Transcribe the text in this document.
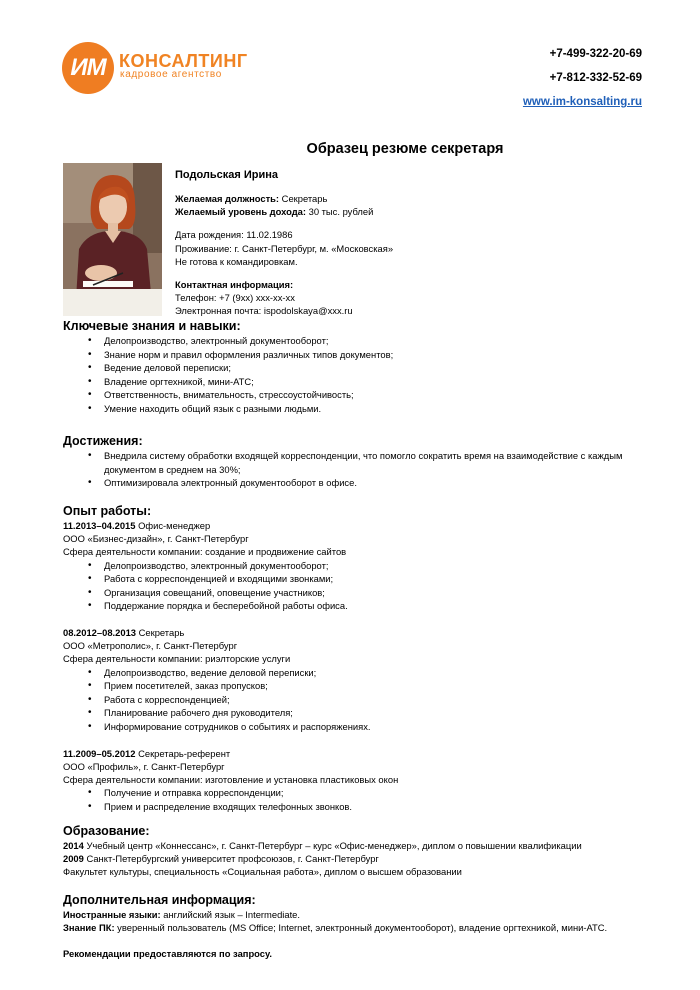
ИМ КОНСАЛТИНГ
кадровое агентство
+7-499-322-20-69
+7-812-332-52-69
www.im-konsalting.ru
Образец резюме секретаря
Подольская Ирина
Желаемая должность: Секретарь
Желаемый уровень дохода: 30 тыс. рублей
Дата рождения: 11.02.1986
Проживание: г. Санкт-Петербург, м. «Московская»
Не готова к командировкам.
Контактная информация:
Телефон: +7 (9хх) ххх-хх-хх
Электронная почта: ispodolskaya@xxx.ru
Ключевые знания и навыки:
• Делопроизводство, электронный документооборот;
• Знание норм и правил оформления различных типов документов;
• Ведение деловой переписки;
• Владение оргтехникой, мини-АТС;
• Ответственность, внимательность, стрессоустойчивость;
• Умение находить общий язык с разными людьми.
Достижения:
• Внедрила систему обработки входящей корреспонденции, что помогло сократить время на взаимодействие с каждым документом в среднем на 30%;
• Оптимизировала электронный документооборот в офисе.
Опыт работы:
11.2013–04.2015 Офис-менеджер
ООО «Бизнес-дизайн», г. Санкт-Петербург
Сфера деятельности компании: создание и продвижение сайтов
• Делопроизводство, электронный документооборот;
• Работа с корреспонденцией и входящими звонками;
• Организация совещаний, оповещение участников;
• Поддержание порядка и бесперебойной работы офиса.
08.2012–08.2013 Секретарь
ООО «Метрополис», г. Санкт-Петербург
Сфера деятельности компании: риэлторские услуги
• Делопроизводство, ведение деловой переписки;
• Прием посетителей, заказ пропусков;
• Работа с корреспонденцией;
• Планирование рабочего дня руководителя;
• Информирование сотрудников о событиях и распоряжениях.
11.2009–05.2012 Секретарь-референт
ООО «Профиль», г. Санкт-Петербург
Сфера деятельности компании: изготовление и установка пластиковых окон
• Получение и отправка корреспонденции;
• Прием и распределение входящих телефонных звонков.
Образование:
2014 Учебный центр «Коннессанс», г. Санкт-Петербург – курс «Офис-менеджер», диплом о повышении квалификации
2009 Санкт-Петербургский университет профсоюзов, г. Санкт-Петербург
Факультет культуры, специальность «Социальная работа», диплом о высшем образовании
Дополнительная информация:
Иностранные языки: английский язык – Intermediate.
Знание ПК: уверенный пользователь (MS Office; Internet, электронный документооборот), владение оргтехникой, мини-АТС.
Рекомендации предоставляются по запросу.
